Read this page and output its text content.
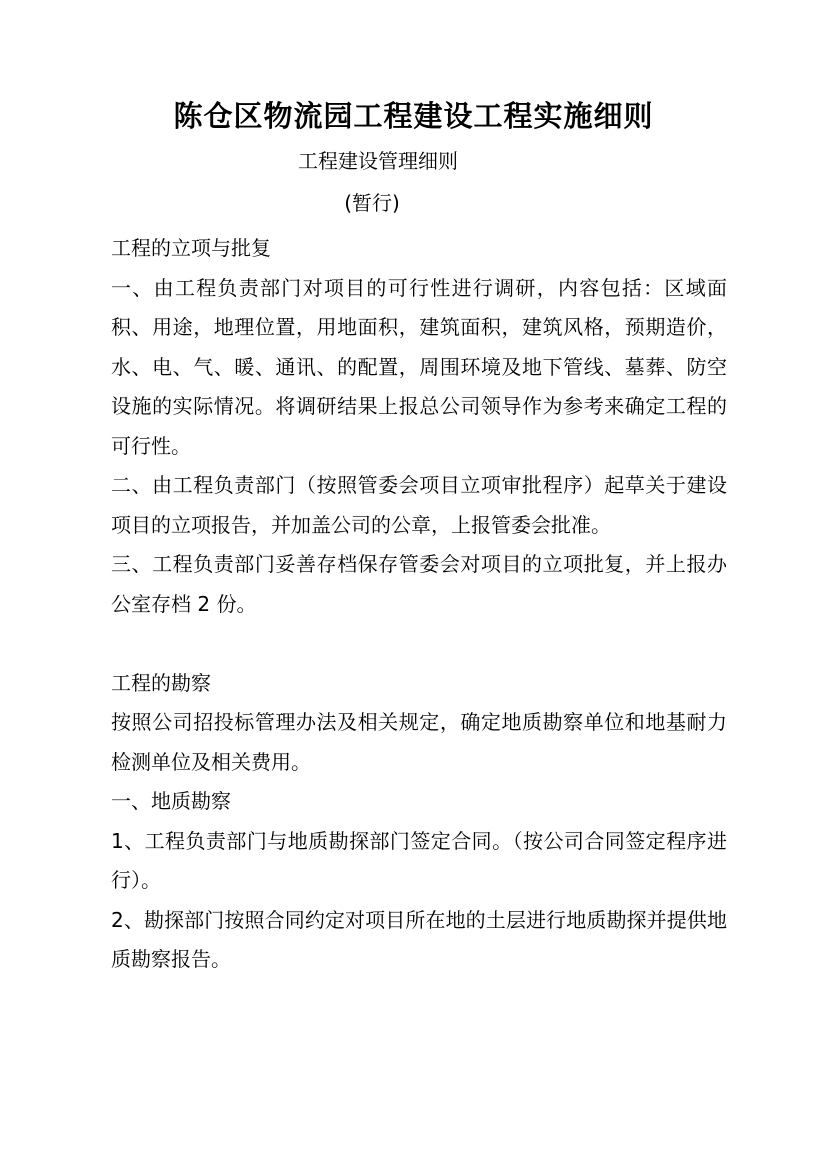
陈仓区物流园工程建设工程实施细则
工程建设管理细则
(暂行)

工程的立项与批复

一、由工程负责部门对项目的可行性进行调研，内容包括：区域面积、用途，地理位置，用地面积，建筑面积，建筑风格，预期造价，水、电、气、暖、通讯、的配置，周围环境及地下管线、墓葬、防空设施的实际情况。将调研结果上报总公司领导作为参考来确定工程的可行性。

二、由工程负责部门（按照管委会项目立项审批程序）起草关于建设项目的立项报告，并加盖公司的公章，上报管委会批准。

三、工程负责部门妥善存档保存管委会对项目的立项批复，并上报办公室存档 2 份。

工程的勘察

按照公司招投标管理办法及相关规定，确定地质勘察单位和地基耐力检测单位及相关费用。

一、地质勘察

1、工程负责部门与地质勘探部门签定合同。（按公司合同签定程序进行）。

2、勘探部门按照合同约定对项目所在地的土层进行地质勘探并提供地质勘察报告。
